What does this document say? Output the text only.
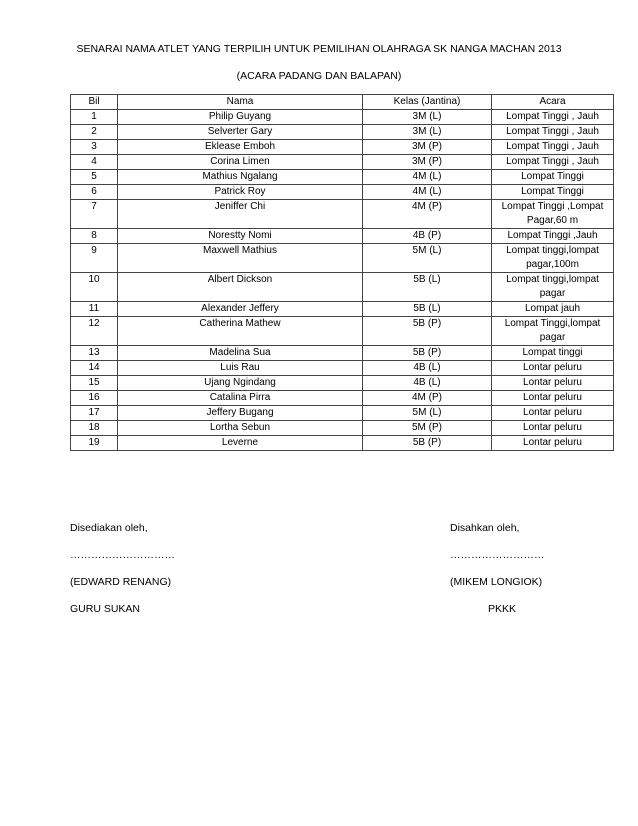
SENARAI NAMA ATLET YANG TERPILIH UNTUK PEMILIHAN OLAHRAGA SK NANGA MACHAN 2013
(ACARA PADANG DAN BALAPAN)
Bil	Nama	Kelas (Jantina)	Acara
1	Philip Guyang	3M (L)	Lompat Tinggi , Jauh

2	Selverter Gary	3M (L)	Lompat Tinggi , Jauh

3	Eklease Emboh	3M (P)	Lompat Tinggi , Jauh

4	Corina Limen	3M (P)	Lompat Tinggi , Jauh

5	Mathius Ngalang	4M (L)	Lompat Tinggi

6	Patrick Roy	4M (L)	Lompat Tinggi

7	Jeniffer Chi	4M (P)	Lompat Tinggi ,Lompat
Pagar,60 m

8	Norestty Nomi	4B (P)	Lompat Tinggi ,Jauh

9	Maxwell Mathius	5M (L)	Lompat tinggi,lompat
pagar,100m

10	Albert Dickson	5B (L)	Lompat tinggi,lompat
pagar

11	Alexander Jeffery	5B (L)	Lompat jauh

12	Catherina Mathew	5B (P)	Lompat Tinggi,lompat
pagar

13	Madelina Sua	5B (P)	Lompat tinggi

14	Luis Rau	4B (L)	Lontar peluru

15	Ujang Ngindang	4B (L)	Lontar peluru

16	Catalina Pirra	4M (P)	Lontar peluru

17	Jeffery Bugang	5M (L)	Lontar peluru

18	Lortha Sebun	5M (P)	Lontar peluru

19	Leverne	5B (P)	Lontar peluru
Disediakan oleh,
…………………………
(EDWARD RENANG)
GURU SUKAN
Disahkan oleh,
………………………
(MIKEM LONGIOK)
PKKK
